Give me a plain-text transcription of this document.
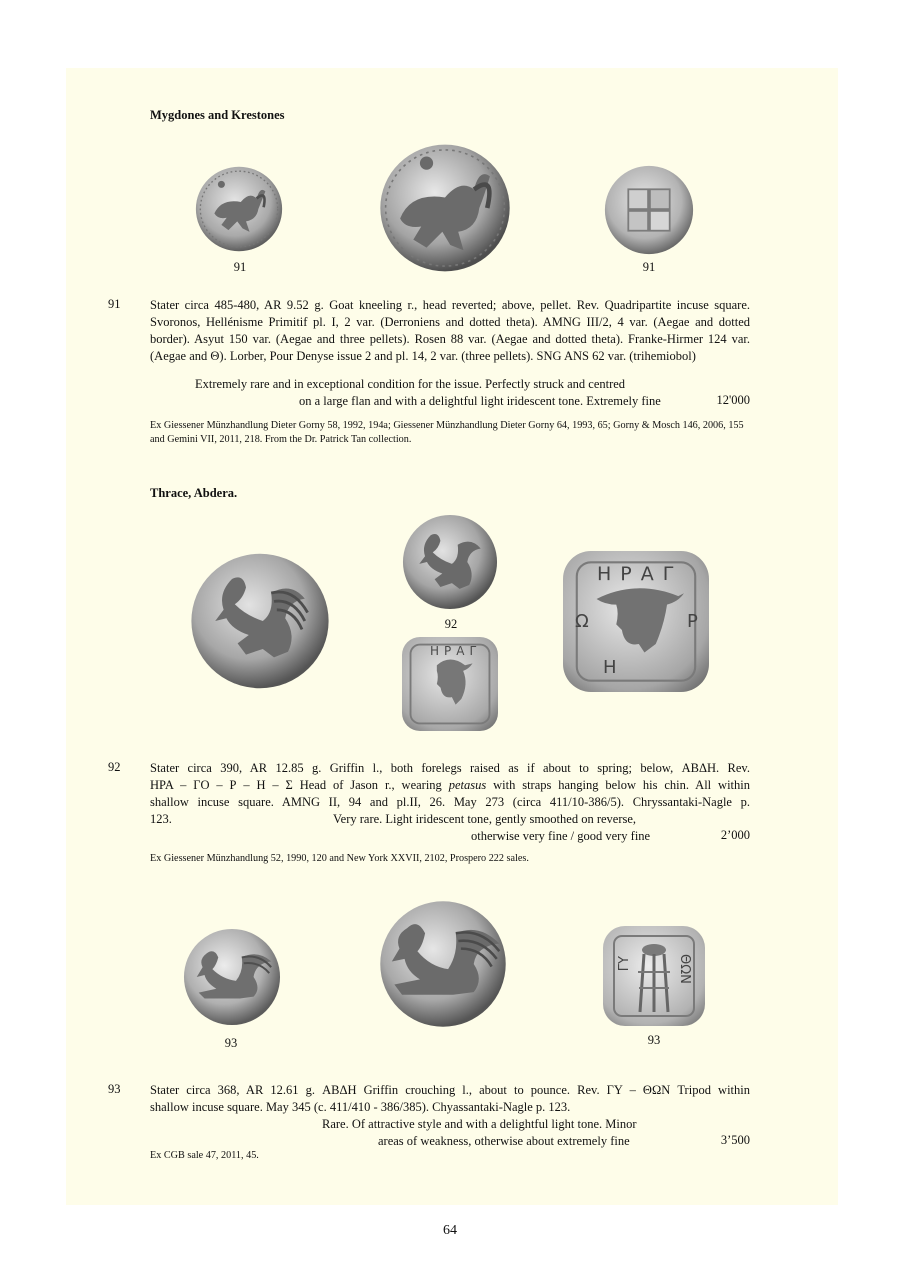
Mygdones and Krestones
91	91
91 Stater circa 485-480, AR 9.52 g. Goat kneeling r., head reverted; above, pellet. Rev. Quadripartite incuse square. Svoronos, Hellénisme Primitif pl. I, 2 var. (Derroniens and dotted theta). AMNG III/2, 4 var. (Aegae and dotted border). Asyut 150 var. (Aegae and three pellets). Rosen 88 var. (Aegae and dotted theta). Franke-Hirmer 124 var. (Aegae and Θ). Lorber, Pour Denyse issue 2 and pl. 14, 2 var. (three pellets). SNG ANS 62 var. (trihemiobol)

Extremely rare and in exceptional condition for the issue. Perfectly struck and centred
on a large flan and with a delightful light iridescent tone. Extremely fine	12'000
Ex Giessener Münzhandlung Dieter Gorny 58, 1992, 194a; Giessener Münzhandlung Dieter Gorny 64, 1993, 65; Gorny & Mosch 146, 2006, 155 and Gemini VII, 2011, 218. From the Dr. Patrick Tan collection.
Thrace, Abdera.
92
ΗΡΑΓ
ΗΡΑΓ
Ω	Ρ
Η
92 Stater circa 390, AR 12.85 g. Griffin l., both forelegs raised as if about to spring; below, ΑΒΔΗ. Rev.

ΗΡΑ – ΓΟ – Ρ – Η – Σ Head of Jason r., wearing petasus with straps hanging below his chin. All within

shallow incuse square. AMNG II, 94 and pl.II, 26. May 273 (circa 411/10-386/5). Chryssantaki-Nagle p.

123.	Very rare. Light iridescent tone, gently smoothed on reverse,
otherwise very fine / good very fine	2’000
Ex Giessener Münzhandlung 52, 1990, 120 and New York XXVII, 2102, Prospero 222 sales.
ΓΥ	ΘΩΝ
93	93
93 Stater circa 368, AR 12.61 g. ΑΒΔΗ Griffin crouching l., about to pounce. Rev. ΓΥ – ΘΩΝ Tripod within

shallow incuse square. May 345 (c. 411/410 - 386/385). Chyassantaki-Nagle p. 123.

Rare. Of attractive style and with a delightful light tone. Minor
areas of weakness, otherwise about extremely fine	3’500
Ex CGB sale 47, 2011, 45.
64
